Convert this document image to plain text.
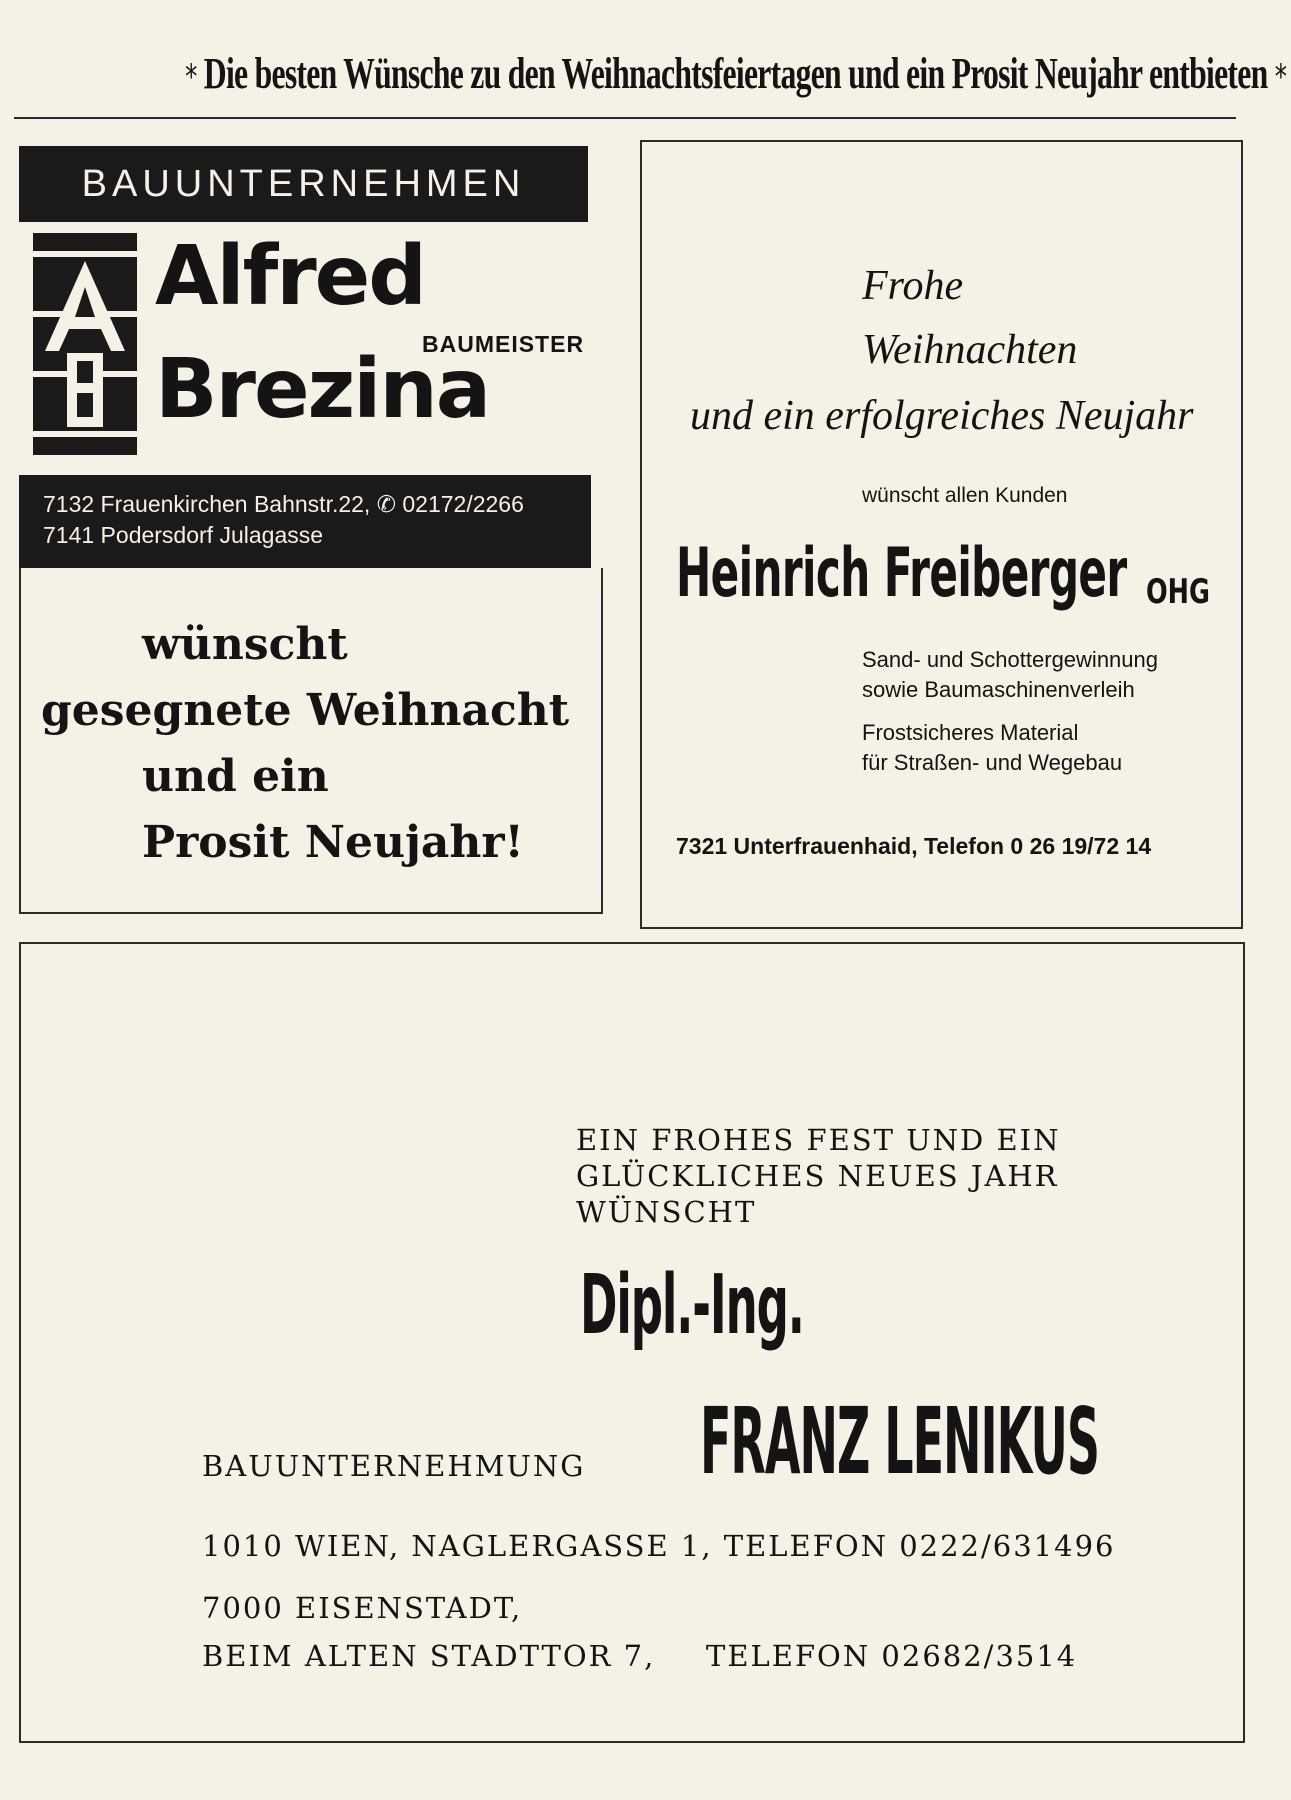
* Die besten Wünsche zu den Weihnachtsfeiertagen und ein Prosit Neujahr entbieten *
BAUUNTERNEHMEN
Alfred
BAUMEISTER
Brezina
7132 Frauenkirchen Bahnstr.22, ✆ 02172/2266
7141 Podersdorf Julagasse
wünscht
gesegnete Weihnacht
und ein
Prosit Neujahr!
Frohe
Weihnachten
und ein erfolgreiches Neujahr
wünscht allen Kunden
Heinrich Freiberger OHG
Sand- und Schottergewinnung
sowie Baumaschinenverleih
Frostsicheres Material
für Straßen- und Wegebau
7321 Unterfrauenhaid, Telefon 0 26 19/72 14
EIN FROHES FEST UND EIN
GLÜCKLICHES NEUES JAHR
WÜNSCHT
Dipl.-Ing.
FRANZ LENIKUS
BAUUNTERNEHMUNG
1010 WIEN, NAGLERGASSE 1, TELEFON 0222/631496
7000 EISENSTADT,
BEIM ALTEN STADTTOR 7, TELEFON 02682/3514
